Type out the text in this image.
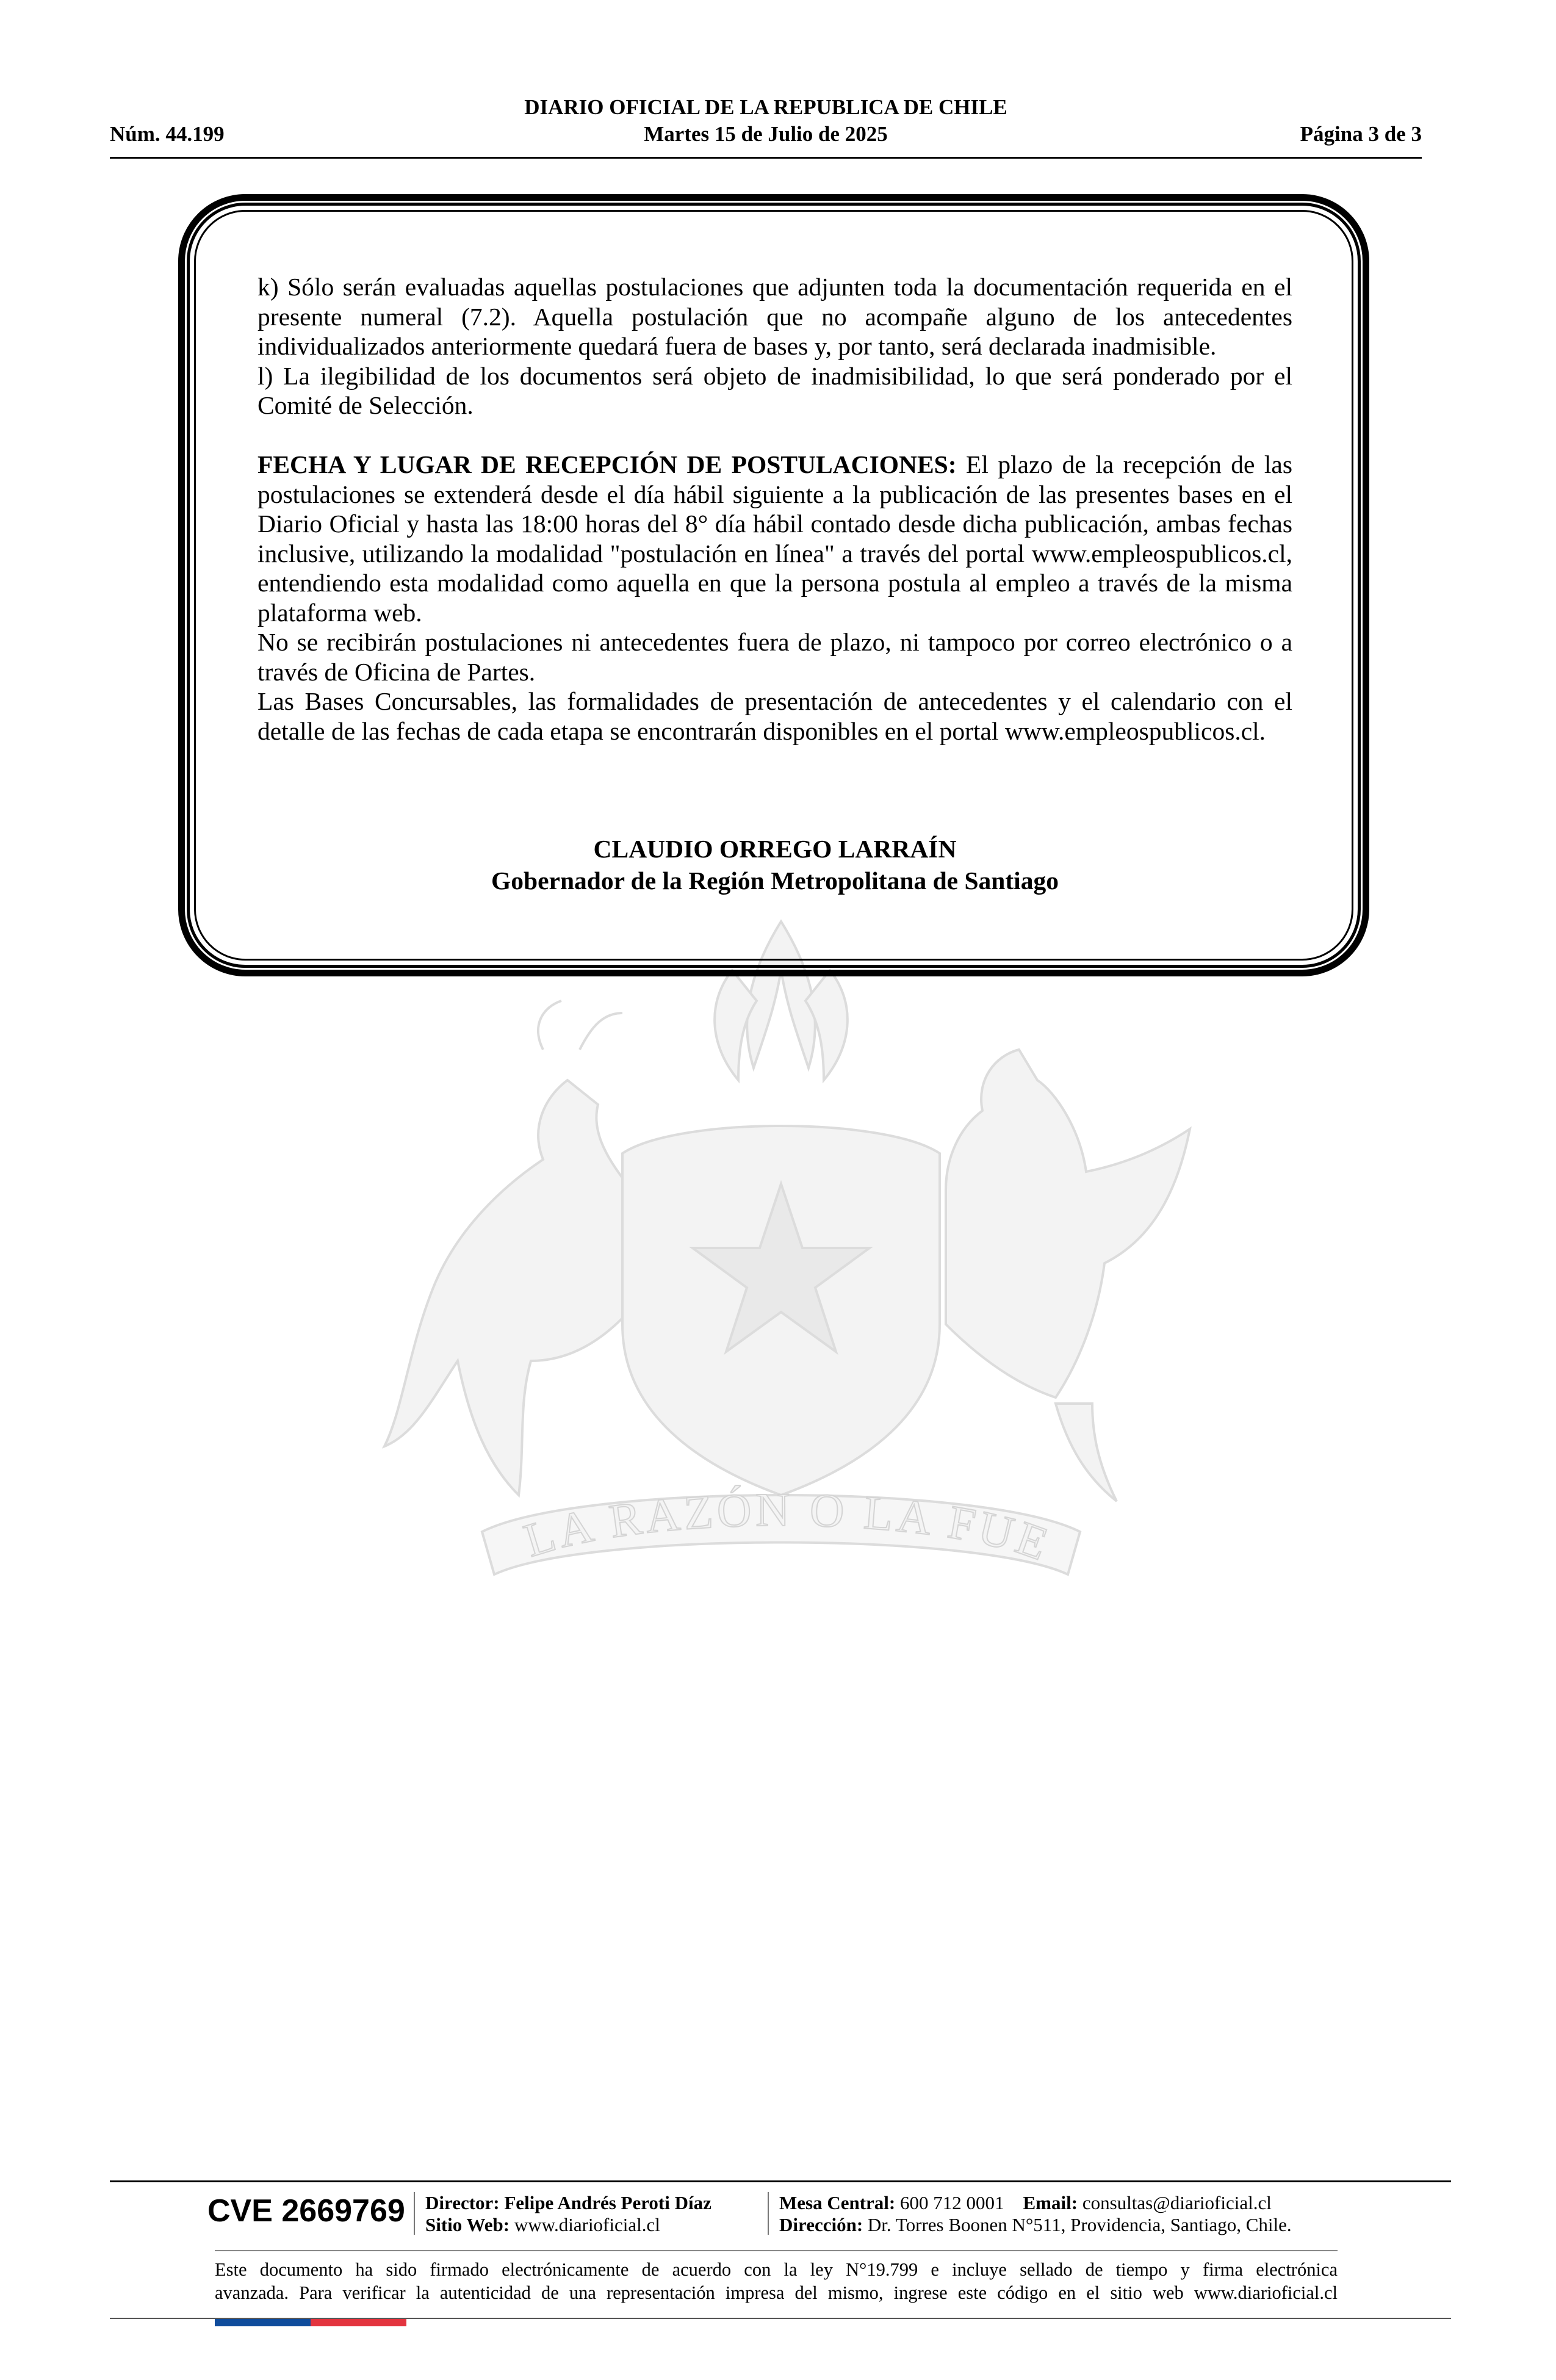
DIARIO OFICIAL DE LA REPUBLICA DE CHILE
Martes 15 de Julio de 2025
Núm. 44.199	Página 3 de 3
LA RAZÓN O LA FUE

k) Sólo serán evaluadas aquellas postulaciones que adjunten toda la documentación requerida en el presente numeral (7.2). Aquella postulación que no acompañe alguno de los antecedentes individualizados anteriormente quedará fuera de bases y, por tanto, será declarada inadmisible.

l) La ilegibilidad de los documentos será objeto de inadmisibilidad, lo que será ponderado por el Comité de Selección.

FECHA Y LUGAR DE RECEPCIÓN DE POSTULACIONES: El plazo de la recepción de las postulaciones se extenderá desde el día hábil siguiente a la publicación de las presentes bases en el Diario Oficial y hasta las 18:00 horas del 8° día hábil contado desde dicha publicación, ambas fechas inclusive, utilizando la modalidad "postulación en línea" a través del portal www.empleospublicos.cl, entendiendo esta modalidad como aquella en que la persona postula al empleo a través de la misma plataforma web.

No se recibirán postulaciones ni antecedentes fuera de plazo, ni tampoco por correo electrónico o a través de Oficina de Partes.

Las Bases Concursables, las formalidades de presentación de antecedentes y el calendario con el detalle de las fechas de cada etapa se encontrarán disponibles en el portal www.empleospublicos.cl.

CLAUDIO ORREGO LARRAÍN
Gobernador de la Región Metropolitana de Santiago
CVE 2669769 Director: Felipe Andrés Peroti Díaz
Sitio Web: www.diarioficial.cl
Mesa Central: 600 712 0001 Email: consultas@diarioficial.cl
Dirección: Dr. Torres Boonen N°511, Providencia, Santiago, Chile.
Este documento ha sido firmado electrónicamente de acuerdo con la ley N°19.799 e incluye sellado de tiempo y firma electrónica
avanzada. Para verificar la autenticidad de una representación impresa del mismo, ingrese este código en el sitio web www.diarioficial.cl
